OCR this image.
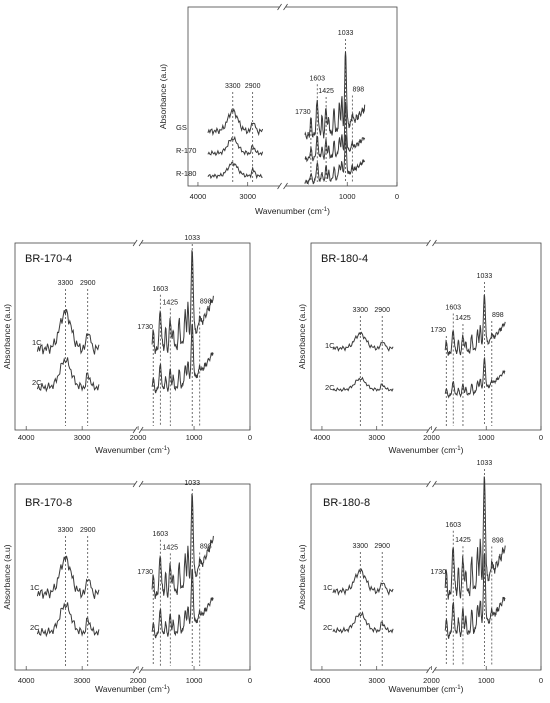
4000	3000	1000	0
Wavenumber $(cm^{-1})$
Absorbance (a.u) GS
R-170
R-180
3300 2900
1730
1603
1425
1033
898
4000	3000	2000	1000	0
Wavenumber $(cm^{-1})$
Absorbance (a.u)
BR-170-4
1C
2C
3300 2900
1730
1603
1425
1033
898
4000	3000	2000	1000	0
Wavenumber $(cm^{-1})$
Absorbance (a.u)
BR-180-4
1C
2C
3300 2900
1730
1603
1425
1033
898
4000	3000	2000	1000	0
Wavenumber $(cm^{-1})$
Absorbance (a.u)
BR-170-8
1C
2C
3300 2900
1730
1603
1425
1033
898
4000	3000	2000	1000	0
Wavenumber $(cm^{-1})$
Absorbance (a.u)
BR-180-8
1C
2C
3300 2900
1730
1603
1425
1033
898
